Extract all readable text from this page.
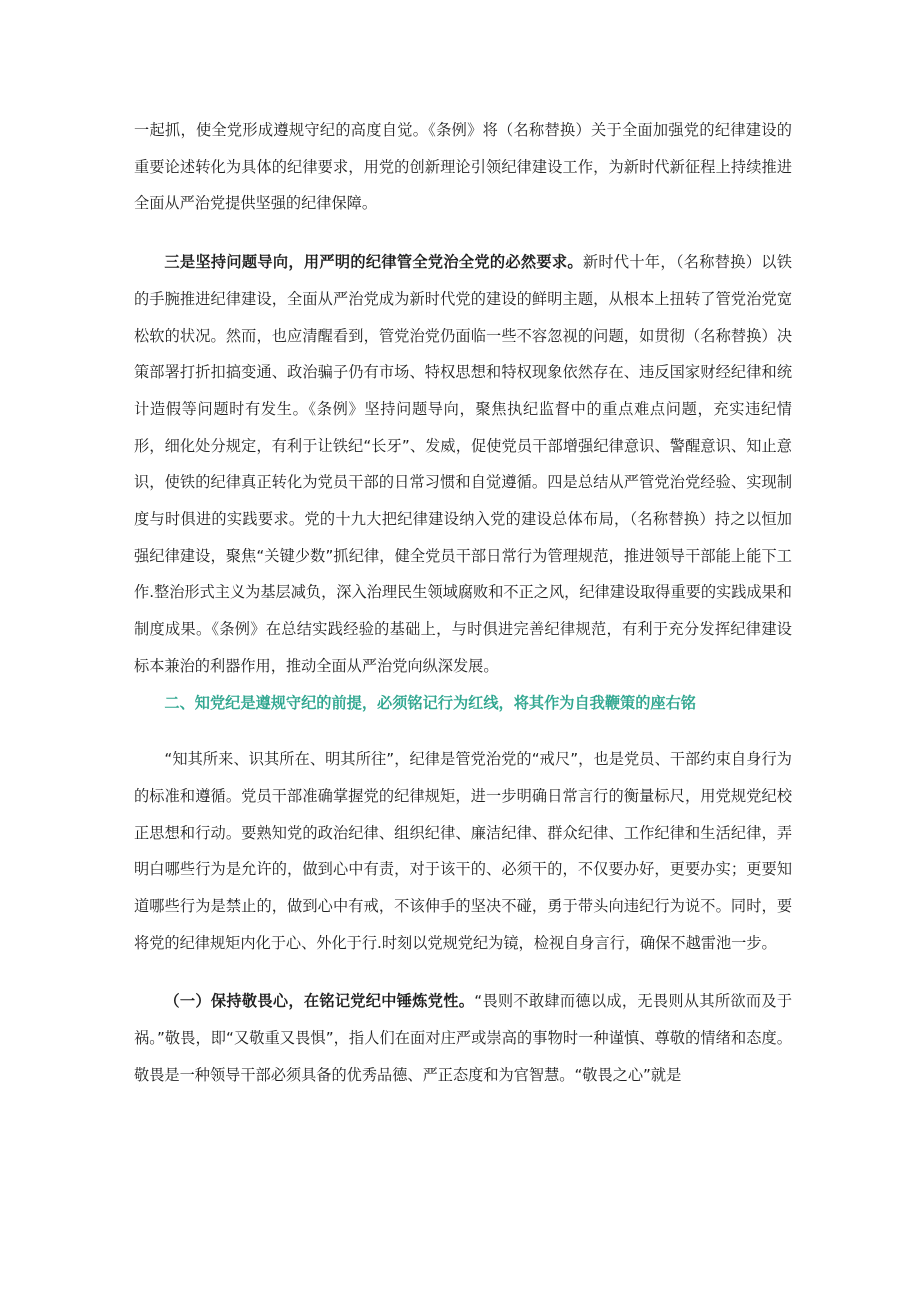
一起抓，使全党形成遵规守纪的高度自觉。《条例》将（名称替换）关于全面加强党的纪律建设的重要论述转化为具体的纪律要求，用党的创新理论引领纪律建设工作，为新时代新征程上持续推进全面从严治党提供坚强的纪律保障。

三是坚持问题导向，用严明的纪律管全党治全党的必然要求。新时代十年，（名称替换）以铁的手腕推进纪律建设，全面从严治党成为新时代党的建设的鲜明主题，从根本上扭转了管党治党宽松软的状况。然而，也应清醒看到，管党治党仍面临一些不容忽视的问题，如贯彻（名称替换）决策部署打折扣搞变通、政治骗子仍有市场、特权思想和特权现象依然存在、违反国家财经纪律和统计造假等问题时有发生。《条例》坚持问题导向，聚焦执纪监督中的重点难点问题，充实违纪情形，细化处分规定，有利于让铁纪“长牙”、发威，促使党员干部增强纪律意识、警醒意识、知止意识，使铁的纪律真正转化为党员干部的日常习惯和自觉遵循。四是总结从严管党治党经验、实现制度与时俱进的实践要求。党的十九大把纪律建设纳入党的建设总体布局，（名称替换）持之以恒加强纪律建设，聚焦“关键少数”抓纪律，健全党员干部日常行为管理规范，推进领导干部能上能下工作.整治形式主义为基层减负，深入治理民生领域腐败和不正之风，纪律建设取得重要的实践成果和制度成果。《条例》在总结实践经验的基础上，与时俱进完善纪律规范，有利于充分发挥纪律建设标本兼治的利器作用，推动全面从严治党向纵深发展。

二、知党纪是遵规守纪的前提，必须铭记行为红线，将其作为自我鞭策的座右铭

“知其所来、识其所在、明其所往”，纪律是管党治党的“戒尺”，也是党员、干部约束自身行为的标准和遵循。党员干部准确掌握党的纪律规矩，进一步明确日常言行的衡量标尺，用党规党纪校正思想和行动。要熟知党的政治纪律、组织纪律、廉洁纪律、群众纪律、工作纪律和生活纪律，弄明白哪些行为是允许的，做到心中有责，对于该干的、必须干的，不仅要办好，更要办实；更要知道哪些行为是禁止的，做到心中有戒，不该伸手的坚决不碰，勇于带头向违纪行为说不。同时，要将党的纪律规矩内化于心、外化于行.时刻以党规党纪为镜，检视自身言行，确保不越雷池一步。

（一）保持敬畏心，在铭记党纪中锤炼党性。“畏则不敢肆而德以成，无畏则从其所欲而及于祸。”敬畏，即“又敬重又畏惧”，指人们在面对庄严或崇高的事物时一种谨慎、尊敬的情绪和态度。敬畏是一种领导干部必须具备的优秀品德、严正态度和为官智慧。“敬畏之心”就是
